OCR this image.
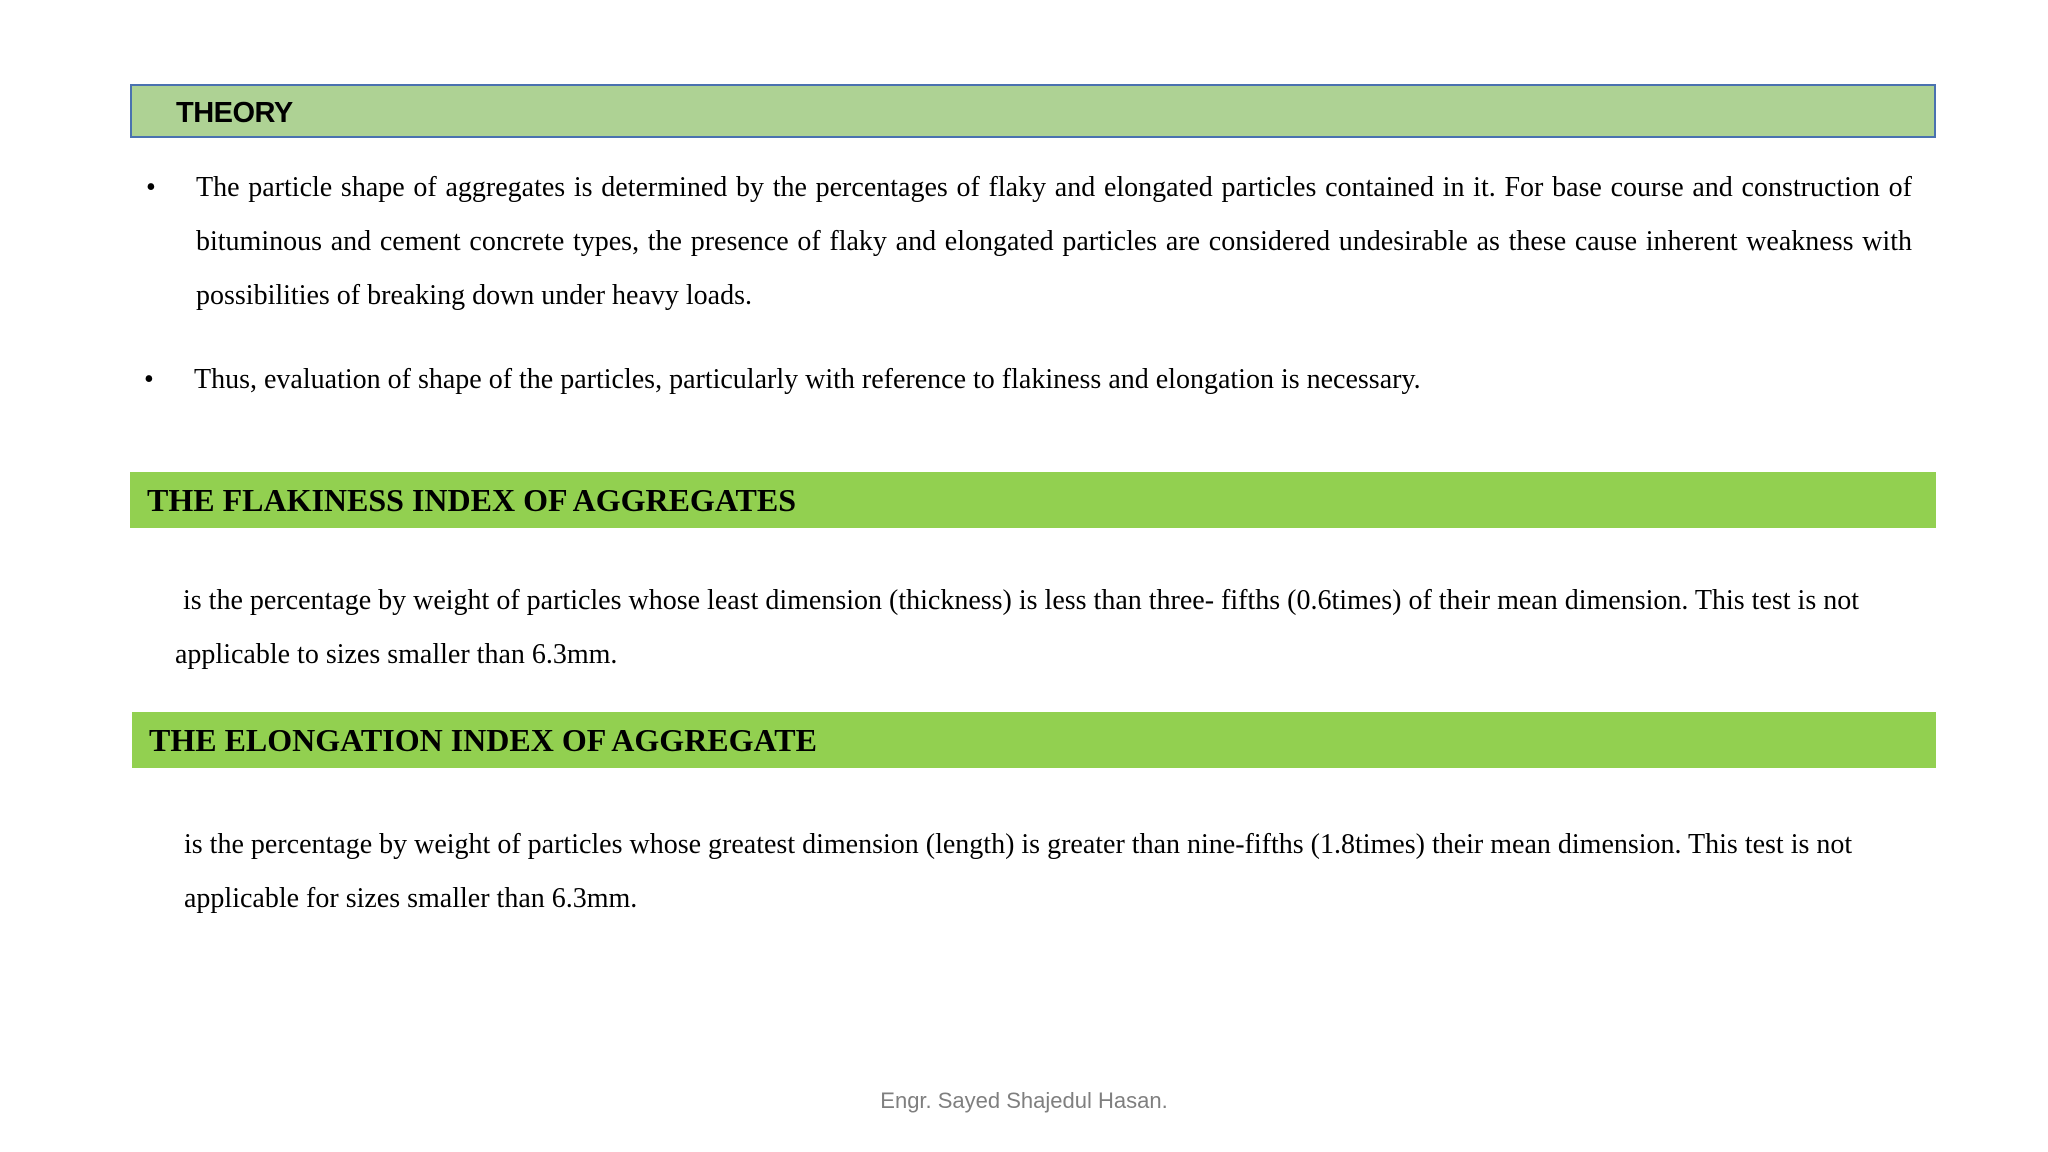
THEORY
•	The particle shape of aggregates is determined by the percentages of flaky and elongated particles contained in it. For base course and construction of bituminous and cement concrete types, the presence of flaky and elongated particles are considered undesirable as these cause inherent weakness with possibilities of breaking down under heavy loads.
•	Thus, evaluation of shape of the particles, particularly with reference to flakiness and elongation is necessary.
THE FLAKINESS INDEX OF AGGREGATES
is the percentage by weight of particles whose least dimension (thickness) is less than three- fifths (0.6times) of their mean dimension. This test is not applicable to sizes smaller than 6.3mm.
THE ELONGATION INDEX OF AGGREGATE
is the percentage by weight of particles whose greatest dimension (length) is greater than nine-fifths (1.8times) their mean dimension. This test is not applicable for sizes smaller than 6.3mm.
Engr. Sayed Shajedul Hasan.
